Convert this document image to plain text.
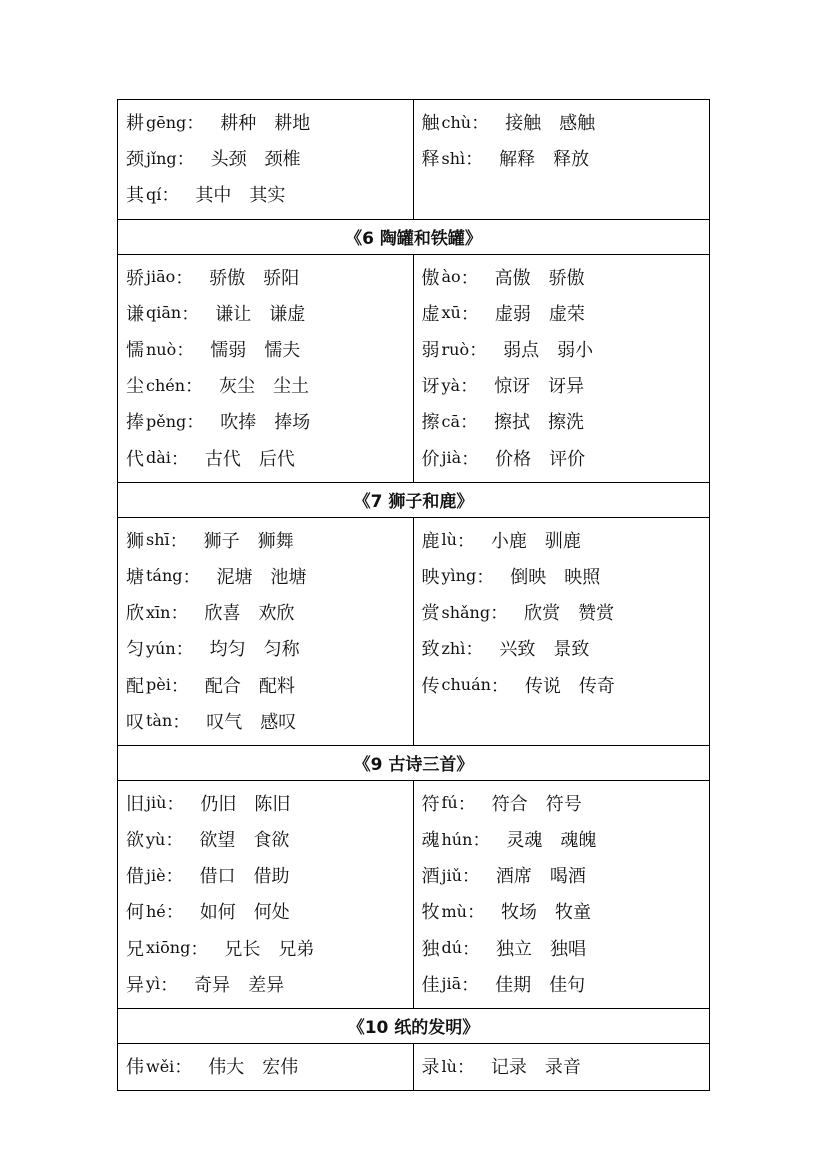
耕 gēng ： 耕种 耕地
颈 jǐng ： 头颈 颈椎
其 qí ： 其中 其实
触 chù ： 接触 感触
释 shì ： 解释 释放
《6 陶罐和铁罐》
骄 jiāo ： 骄傲 骄阳
谦 qiān ： 谦让 谦虚
懦 nuò ： 懦弱 懦夫
尘 chén ： 灰尘 尘土
捧 pěng ： 吹捧 捧场
代 dài ： 古代 后代
傲 ào ： 高傲 骄傲
虚 xū ： 虚弱 虚荣
弱 ruò ： 弱点 弱小
讶 yà ： 惊讶 讶异
擦 cā ： 擦拭 擦洗
价 jià ： 价格 评价
《7 狮子和鹿》
狮 shī ： 狮子 狮舞
塘 táng ： 泥塘 池塘
欣 xīn ： 欣喜 欢欣
匀 yún ： 均匀 匀称
配 pèi ： 配合 配料
叹 tàn ： 叹气 感叹
鹿 lù ： 小鹿 驯鹿
映 yìng ： 倒映 映照
赏 shǎng ： 欣赏 赞赏
致 zhì ： 兴致 景致
传 chuán ： 传说 传奇
《9 古诗三首》
旧 jiù ： 仍旧 陈旧
欲 yù ： 欲望 食欲
借 jiè ： 借口 借助
何 hé ： 如何 何处
兄 xiōng ： 兄长 兄弟
异 yì ： 奇异 差异
符 fú ： 符合 符号
魂 hún ： 灵魂 魂魄
酒 jiǔ ： 酒席 喝酒
牧 mù ： 牧场 牧童
独 dú ： 独立 独唱
佳 jiā ： 佳期 佳句
《10 纸的发明》
伟 wěi ： 伟大 宏伟	录 lù ： 记录 录音
